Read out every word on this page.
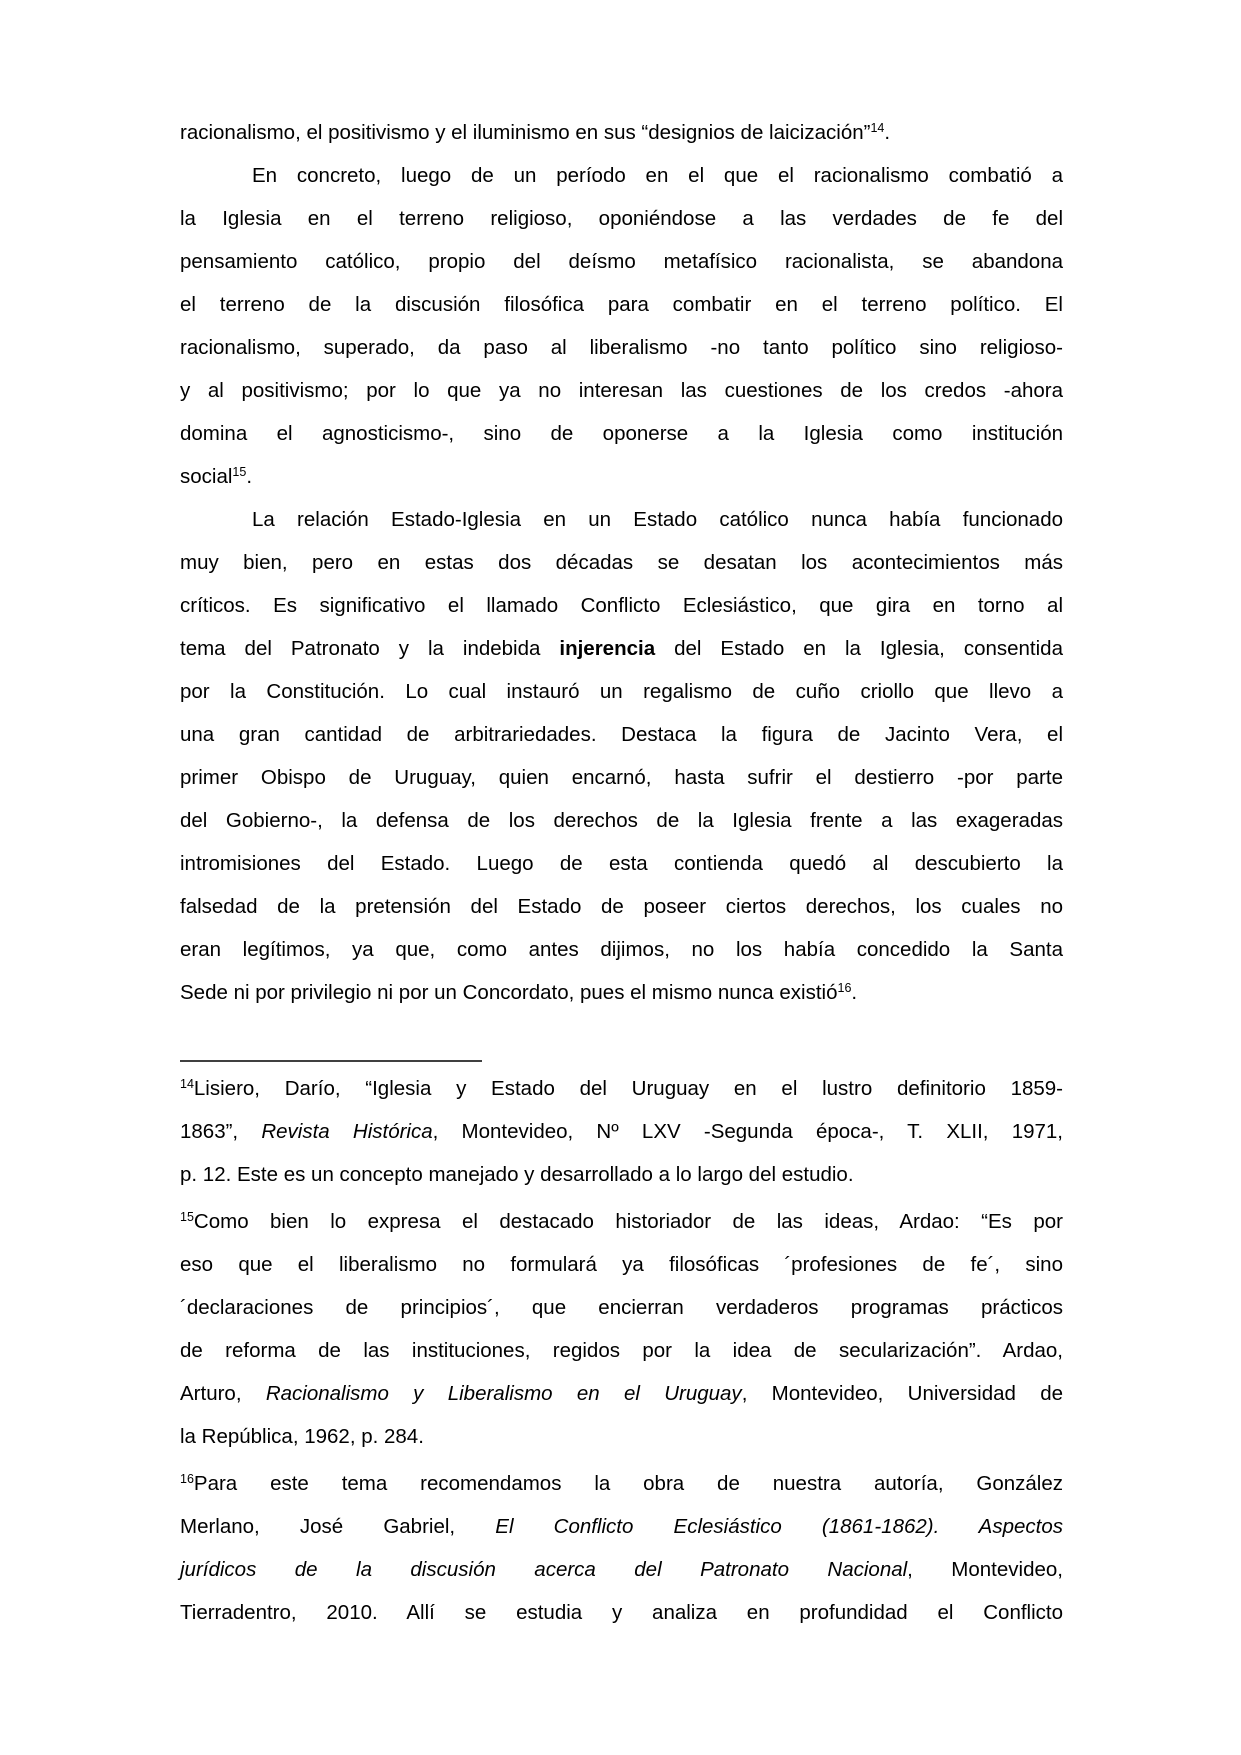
racionalismo, el positivismo y el iluminismo en sus “designios de laicización”$^{14}$.
En concreto, luego de un período en el que el racionalismo combatió a
la Iglesia en el terreno religioso, oponiéndose a las verdades de fe del
pensamiento católico, propio del deísmo metafísico racionalista, se abandona
el terreno de la discusión filosófica para combatir en el terreno político. El
racionalismo, superado, da paso al liberalismo -no tanto político sino religioso-
y al positivismo; por lo que ya no interesan las cuestiones de los credos -ahora
domina el agnosticismo-, sino de oponerse a la Iglesia como institución
social$^{15}$.
La relación Estado-Iglesia en un Estado católico nunca había funcionado
muy bien, pero en estas dos décadas se desatan los acontecimientos más
críticos. Es significativo el llamado Conflicto Eclesiástico, que gira en torno al
tema del Patronato y la indebida injerencia del Estado en la Iglesia, consentida
por la Constitución. Lo cual instauró un regalismo de cuño criollo que llevo a
una gran cantidad de arbitrariedades. Destaca la figura de Jacinto Vera, el
primer Obispo de Uruguay, quien encarnó, hasta sufrir el destierro -por parte
del Gobierno-, la defensa de los derechos de la Iglesia frente a las exageradas
intromisiones del Estado. Luego de esta contienda quedó al descubierto la
falsedad de la pretensión del Estado de poseer ciertos derechos, los cuales no
eran legítimos, ya que, como antes dijimos, no los había concedido la Santa
Sede ni por privilegio ni por un Concordato, pues el mismo nunca existió$^{16}$.
$^{14}$Lisiero, Darío, “Iglesia y Estado del Uruguay en el lustro definitorio 1859-
1863”, Revista Histórica, Montevideo, Nº LXV -Segunda época-, T. XLII, 1971,
p. 12. Este es un concepto manejado y desarrollado a lo largo del estudio.
$^{15}$Como bien lo expresa el destacado historiador de las ideas, Ardao: “Es por
eso que el liberalismo no formulará ya filosóficas ´profesiones de fe´, sino
´declaraciones de principios´, que encierran verdaderos programas prácticos
de reforma de las instituciones, regidos por la idea de secularización”. Ardao,
Arturo, Racionalismo y Liberalismo en el Uruguay, Montevideo, Universidad de
la República, 1962, p. 284.
$^{16}$Para este tema recomendamos la obra de nuestra autoría, González
Merlano, José Gabriel, El Conflicto Eclesiástico (1861-1862). Aspectos
jurídicos de la discusión acerca del Patronato Nacional, Montevideo,
Tierradentro, 2010. Allí se estudia y analiza en profundidad el Conflicto
